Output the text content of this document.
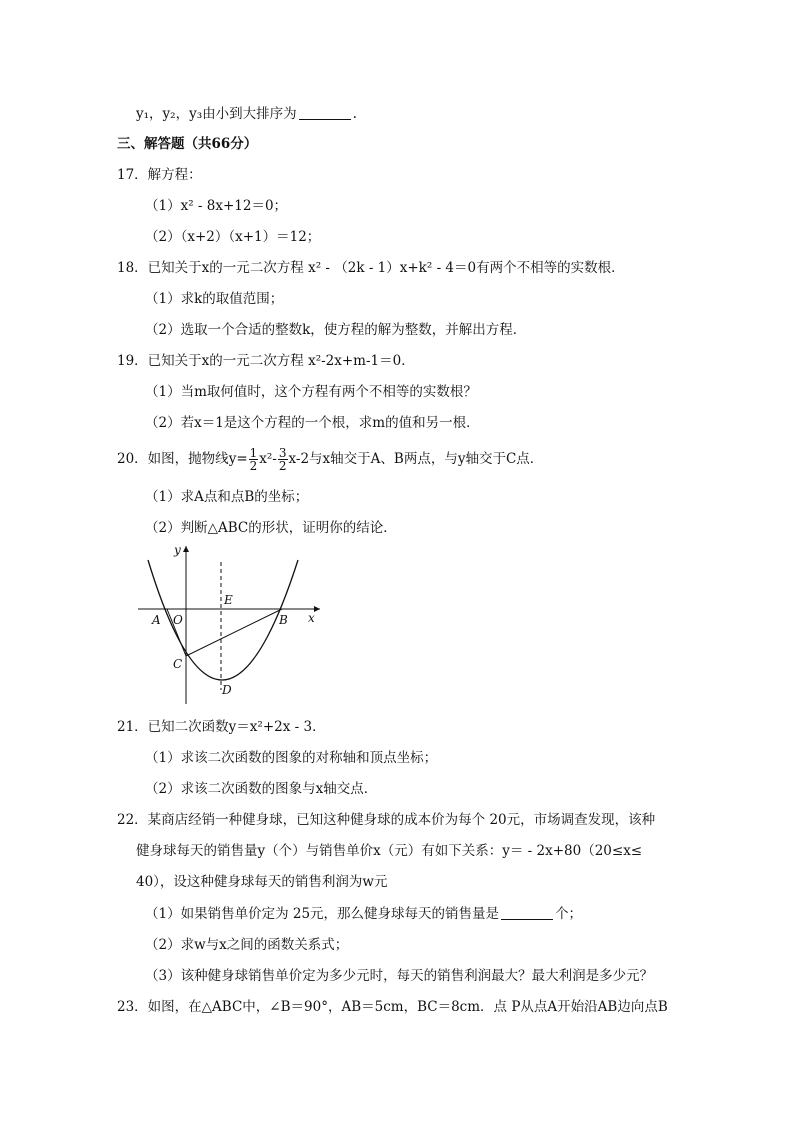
y₁，y₂，y₃由小到大排序为	.
三、解答题（共66分）
17．解方程：
（1）x² - 8x+12＝0；
（2）（x+2）（x+1）＝12；
18．已知关于x的一元二次方程 x² - （2k - 1）x+k² - 4＝0有两个不相等的实数根．
（1）求k的取值范围；
（2）选取一个合适的整数k，使方程的解为整数，并解出方程．
19．已知关于x的一元二次方程 x²-2x+m-1＝0．
（1）当m取何值时，这个方程有两个不相等的实数根？
（2）若x＝1是这个方程的一个根，求m的值和另一根．
20．如图，抛物线$y= \frac{1}{2} x^2- \frac{3}{2} x-2$与x轴交于A、B两点，与y轴交于C点．
（1）求A点和点B的坐标；
（2）判断△ABC的形状，证明你的结论．
y
x
O
A	B
C
D
E
21．已知二次函数y＝x²+2x - 3．
（1）求该二次函数的图象的对称轴和顶点坐标；
（2）求该二次函数的图象与x轴交点．
22．某商店经销一种健身球，已知这种健身球的成本价为每个 20元，市场调查发现，该种
健身球每天的销售量y（个）与销售单价x（元）有如下关系：y＝ - 2x+80（20≤x≤
40），设这种健身球每天的销售利润为w元
（1）如果销售单价定为 25元，那么健身球每天的销售量是	个；
（2）求w与x之间的函数关系式；
（3）该种健身球销售单价定为多少元时，每天的销售利润最大？最大利润是多少元？
23．如图，在△ABC中，∠B＝90°，AB＝5cm，BC＝8cm．点 P从点A开始沿AB边向点B
